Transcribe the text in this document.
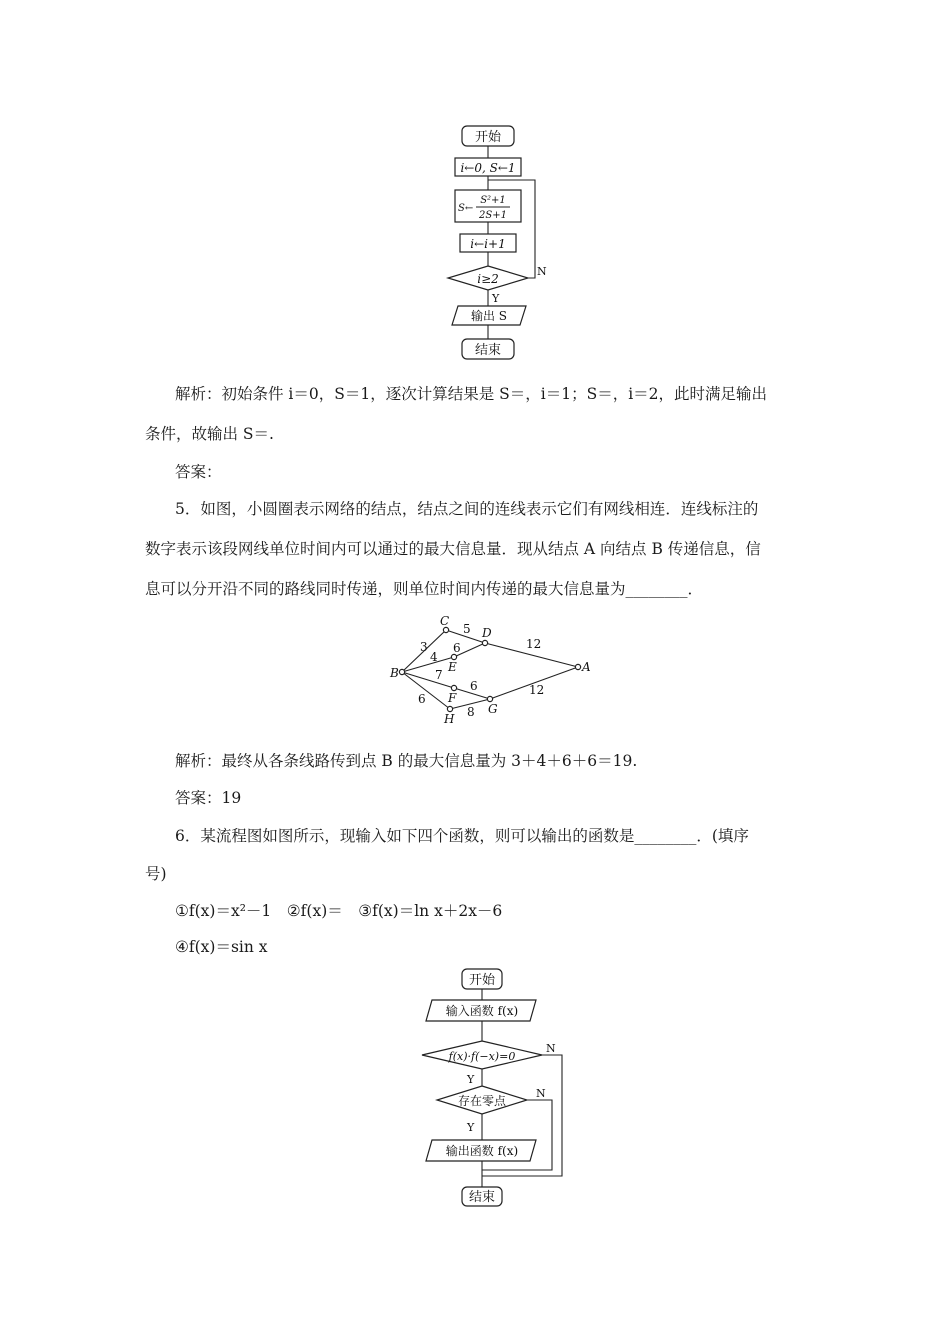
开始
i←0, S←1
S←
S²+1
2S+1
i←i+1
i≥2
N
Y
输出 S
结束
解析：初始条件 i＝0，S＝1，逐次计算结果是 S＝，i＝1；S＝，i＝2，此时满足输出
条件，故输出 S＝.
答案：
5．如图，小圆圈表示网络的结点，结点之间的连线表示它们有网线相连．连线标注的
数字表示该段网线单位时间内可以通过的最大信息量．现从结点 A 向结点 B 传递信息，信
息可以分开沿不同的路线同时传递，则单位时间内传递的最大信息量为________．
B
C
D
E	A
F
G
H
3
5
12
4
6
7
6	12
6
8
解析：最终从各条线路传到点 B 的最大信息量为 3＋4＋6＋6＝19.
答案：19
6．某流程图如图所示，现输入如下四个函数，则可以输出的函数是________．(填序
号)
①f(x)＝x²－1　②f(x)＝　③f(x)＝ln x＋2x－6
④f(x)＝sin x
开始
输入函数 f(x)
f(x)·f(−x)=0
Y
存在零点
Y
输出函数 f(x)
N
N
结束
